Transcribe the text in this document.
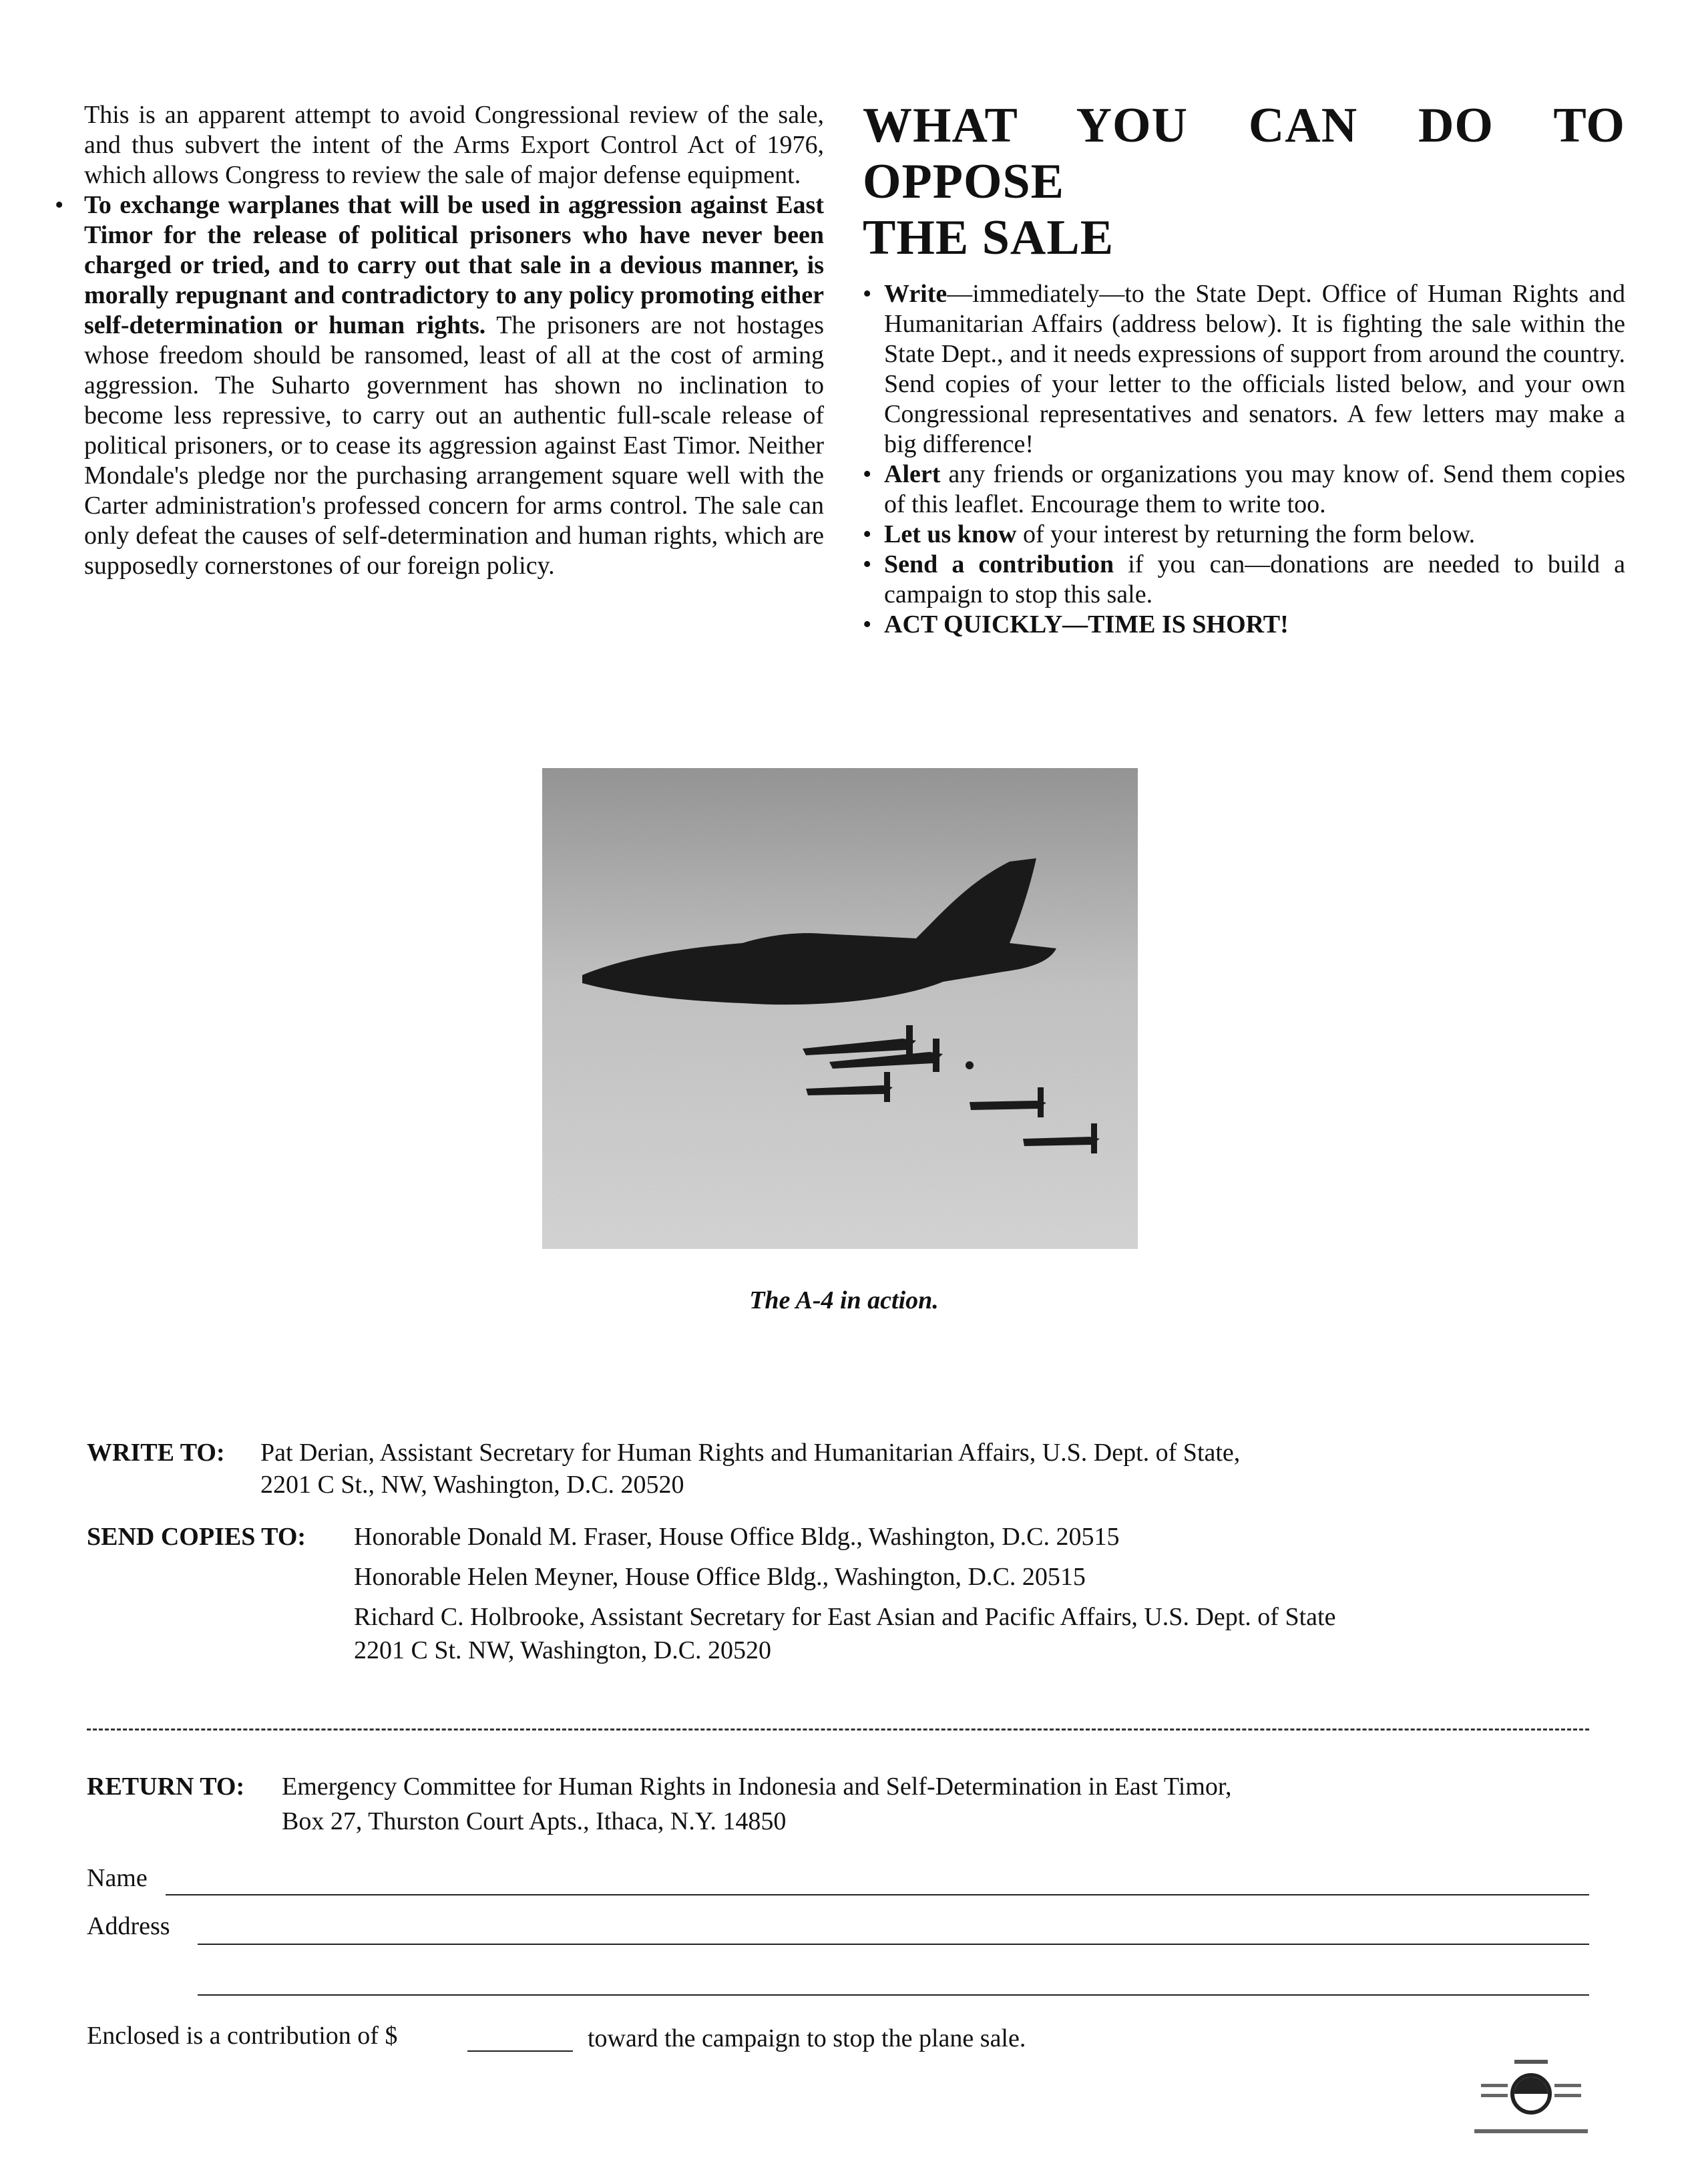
This is an apparent attempt to avoid Congressional review of the sale, and thus subvert the intent of the Arms Export Control Act of 1976, which allows Congress to review the sale of major defense equipment.

• To exchange warplanes that will be used in aggression against East Timor for the release of political prisoners who have never been charged or tried, and to carry out that sale in a devious manner, is morally repugnant and contradictory to any policy promoting either self-determination or human rights. The prisoners are not hostages whose freedom should be ransomed, least of all at the cost of arming aggression. The Suharto government has shown no inclination to become less repressive, to carry out an authentic full-scale release of political prisoners, or to cease its aggression against East Timor. Neither Mondale's pledge nor the purchasing arrangement square well with the Carter administration's professed concern for arms control. The sale can only defeat the causes of self-determination and human rights, which are supposedly cornerstones of our foreign policy.

WHAT YOU CAN DO TO OPPOSE
THE SALE
• Write—immediately—to the State Dept. Office of Human Rights and Humanitarian Affairs (address below). It is fighting the sale within the State Dept., and it needs expressions of support from around the country. Send copies of your letter to the officials listed below, and your own Congressional representatives and senators. A few letters may make a big difference!
• Alert any friends or organizations you may know of. Send them copies of this leaflet. Encourage them to write too.
• Let us know of your interest by returning the form below.
• Send a contribution if you can—donations are needed to build a campaign to stop this sale.
• ACT QUICKLY—TIME IS SHORT!
The A-4 in action.
WRITE TO: Pat Derian, Assistant Secretary for Human Rights and Humanitarian Affairs, U.S. Dept. of State,
2201 C St., NW, Washington, D.C. 20520
SEND COPIES TO: Honorable Donald M. Fraser, House Office Bldg., Washington, D.C. 20515
Honorable Helen Meyner, House Office Bldg., Washington, D.C. 20515
Richard C. Holbrooke, Assistant Secretary for East Asian and Pacific Affairs, U.S. Dept. of State
2201 C St. NW, Washington, D.C. 20520
RETURN TO: Emergency Committee for Human Rights in Indonesia and Self-Determination in East Timor,
Box 27, Thurston Court Apts., Ithaca, N.Y. 14850
Name
Address
Enclosed is a contribution of $	toward the campaign to stop the plane sale.
